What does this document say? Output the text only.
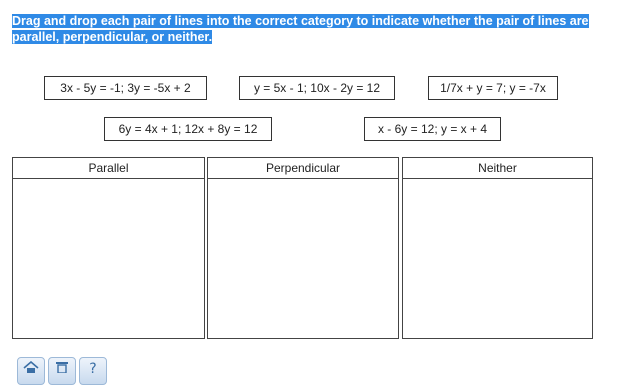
Drag and drop each pair of lines into the correct category to indicate whether the pair of lines are parallel, perpendicular, or neither.
3x - 5y = -1; 3y = -5x + 2	y = 5x - 1; 10x - 2y = 12	1/7x + y = 7; y = -7x
6y = 4x + 1; 12x + 8y = 12	x - 6y = 12; y = x + 4
Parallel	Perpendicular	Neither
?
